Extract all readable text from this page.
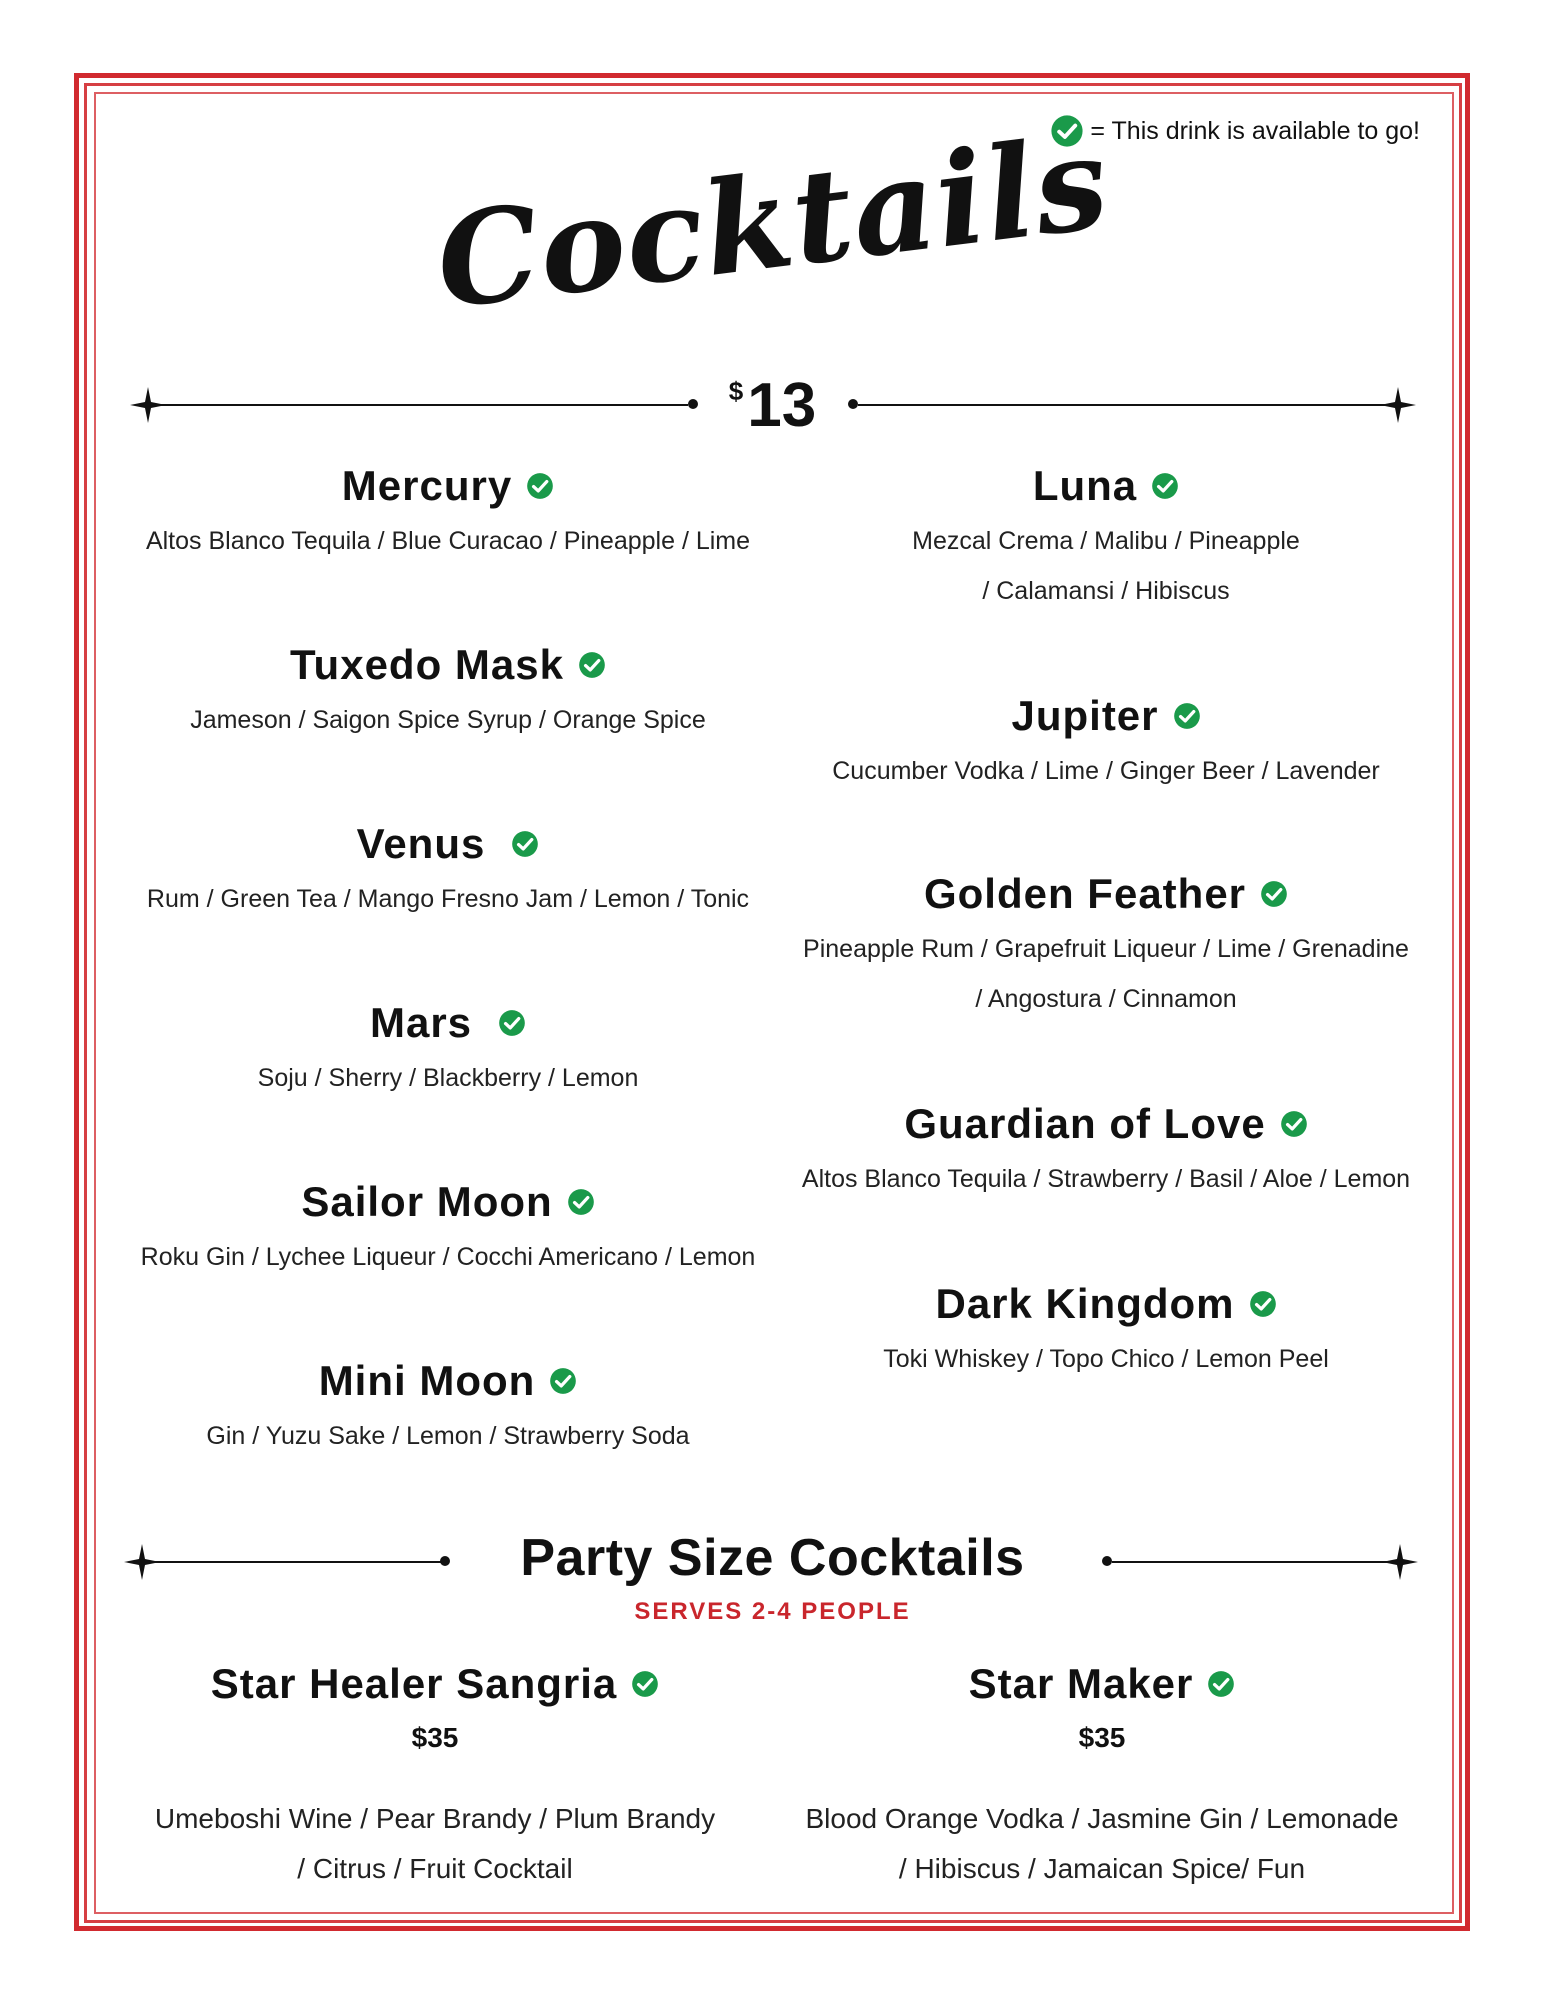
= This drink is available to go!
Cocktails
$13
Mercury
Altos Blanco Tequila / Blue Curacao / Pineapple / Lime
Tuxedo Mask
Jameson / Saigon Spice Syrup / Orange Spice
Venus
Rum / Green Tea / Mango Fresno Jam / Lemon / Tonic
Mars
Soju / Sherry / Blackberry / Lemon
Sailor Moon
Roku Gin / Lychee Liqueur / Cocchi Americano / Lemon
Mini Moon
Gin / Yuzu Sake / Lemon / Strawberry Soda
Luna
Mezcal Crema / Malibu / Pineapple
/ Calamansi / Hibiscus
Jupiter
Cucumber Vodka / Lime / Ginger Beer / Lavender
Golden Feather
Pineapple Rum / Grapefruit Liqueur / Lime / Grenadine
/ Angostura / Cinnamon
Guardian of Love
Altos Blanco Tequila / Strawberry / Basil / Aloe / Lemon
Dark Kingdom
Toki Whiskey / Topo Chico / Lemon Peel
Party Size Cocktails
SERVES 2-4 PEOPLE
Star Healer Sangria
$35
Umeboshi Wine / Pear Brandy / Plum Brandy
/ Citrus / Fruit Cocktail
Star Maker
$35
Blood Orange Vodka / Jasmine Gin / Lemonade
/ Hibiscus / Jamaican Spice/ Fun
